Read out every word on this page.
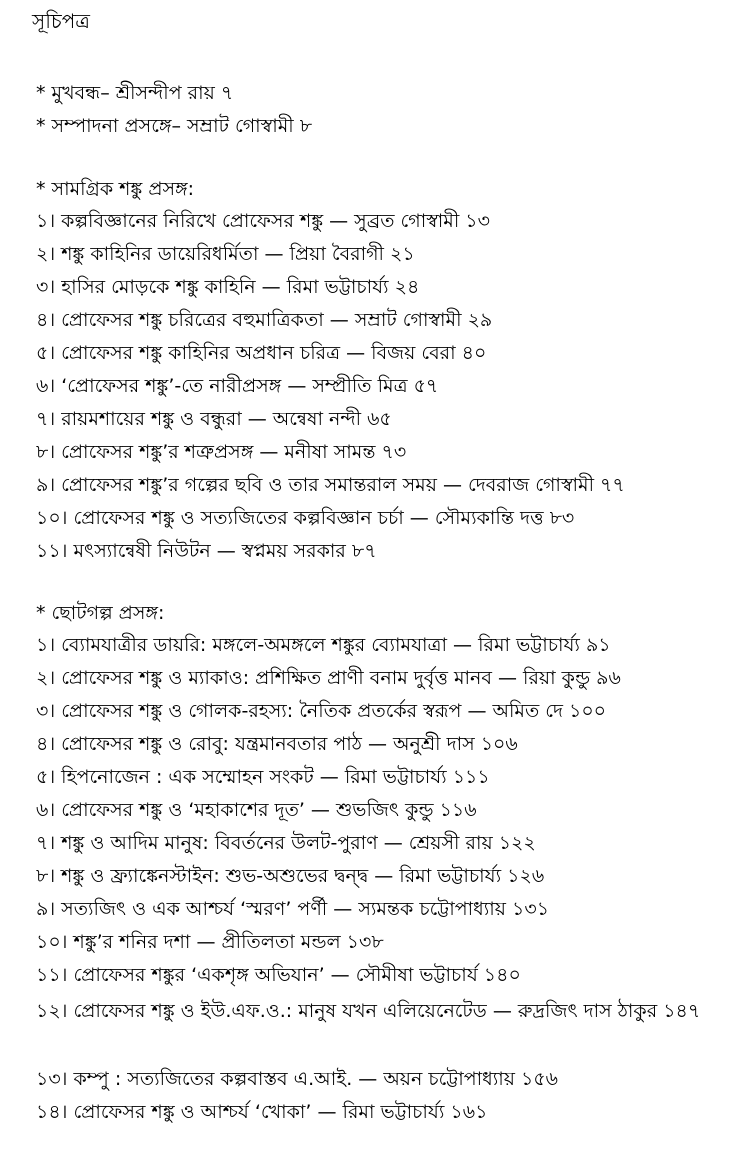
সূচিপত্র
* মুখবন্ধ– শ্রীসন্দীপ রায় ৭
* সম্পাদনা প্রসঙ্গে– সম্রাট গোস্বামী ৮
* সামগ্রিক শঙ্কু প্রসঙ্গ:
১। কল্পবিজ্ঞানের নিরিখে প্রোফেসর শঙ্কু — সুব্রত গোস্বামী ১৩
২। শঙ্কু কাহিনির ডায়েরিধর্মিতা — প্রিয়া বৈরাগী ২১
৩। হাসির মোড়কে শঙ্কু কাহিনি — রিমা ভট্টাচার্য্য ২৪
৪। প্রোফেসর শঙ্কু চরিত্রের বহুমাত্রিকতা — সম্রাট গোস্বামী ২৯
৫। প্রোফেসর শঙ্কু কাহিনির অপ্রধান চরিত্র — বিজয় বেরা ৪০
৬। ‘প্রোফেসর শঙ্কু’-তে নারীপ্রসঙ্গ — সম্প্রীতি মিত্র ৫৭
৭। রায়মশায়ের শঙ্কু ও বন্ধুরা — অন্বেষা নন্দী ৬৫
৮। প্রোফেসর শঙ্কু’র শত্রুপ্রসঙ্গ — মনীষা সামন্ত ৭৩
৯। প্রোফেসর শঙ্কু’র গল্পের ছবি ও তার সমান্তরাল সময় — দেবরাজ গোস্বামী ৭৭
১০। প্রোফেসর শঙ্কু ও সত্যজিতের কল্পবিজ্ঞান চর্চা — সৌম্যকান্তি দত্ত ৮৩
১১। মৎস্যান্বেষী নিউটন — স্বপ্নময় সরকার ৮৭
* ছোটগল্প প্রসঙ্গ:
১। ব্যোমযাত্রীর ডায়রি: মঙ্গলে-অমঙ্গলে শঙ্কুর ব্যোমযাত্রা — রিমা ভট্টাচার্য্য ৯১
২। প্রোফেসর শঙ্কু ও ম্যাকাও: প্রশিক্ষিত প্রাণী বনাম দুর্বৃত্ত মানব — রিয়া কুন্ডু ৯৬
৩। প্রোফেসর শঙ্কু ও গোলক-রহস্য: নৈতিক প্রতর্কের স্বরূপ — অমিত দে ১০০
৪। প্রোফেসর শঙ্কু ও রোবু: যন্ত্রমানবতার পাঠ — অনুশ্রী দাস ১০৬
৫। হিপনোজেন : এক সম্মোহন সংকট — রিমা ভট্টাচার্য্য ১১১
৬। প্রোফেসর শঙ্কু ও ‘মহাকাশের দূত’ — শুভজিৎ কুন্ডু ১১৬
৭। শঙ্কু ও আদিম মানুষ: বিবর্তনের উলট-পুরাণ — শ্রেয়সী রায় ১২২
৮। শঙ্কু ও ফ্র্যাঙ্কেনস্টাইন: শুভ-অশুভের দ্বন্দ্ব — রিমা ভট্টাচার্য্য ১২৬
৯। সত্যজিৎ ও এক আশ্চর্য ‘স্মরণ’ পর্ণী — স্যমন্তক চট্টোপাধ্যায় ১৩১
১০। শঙ্কু’র শনির দশা — প্রীতিলতা মন্ডল ১৩৮
১১। প্রোফেসর শঙ্কুর ‘একশৃঙ্গ অভিযান’ — সৌমীষা ভট্টাচার্য ১৪০
১২। প্রোফেসর শঙ্কু ও ইউ.এফ.ও.: মানুষ যখন এলিয়েনেটেড — রুদ্রজিৎ দাস ঠাকুর ১৪৭
১৩। কম্পু : সত্যজিতের কল্পবাস্তব এ.আই. — অয়ন চট্টোপাধ্যায় ১৫৬
১৪। প্রোফেসর শঙ্কু ও আশ্চর্য ‘খোকা’ — রিমা ভট্টাচার্য্য ১৬১
